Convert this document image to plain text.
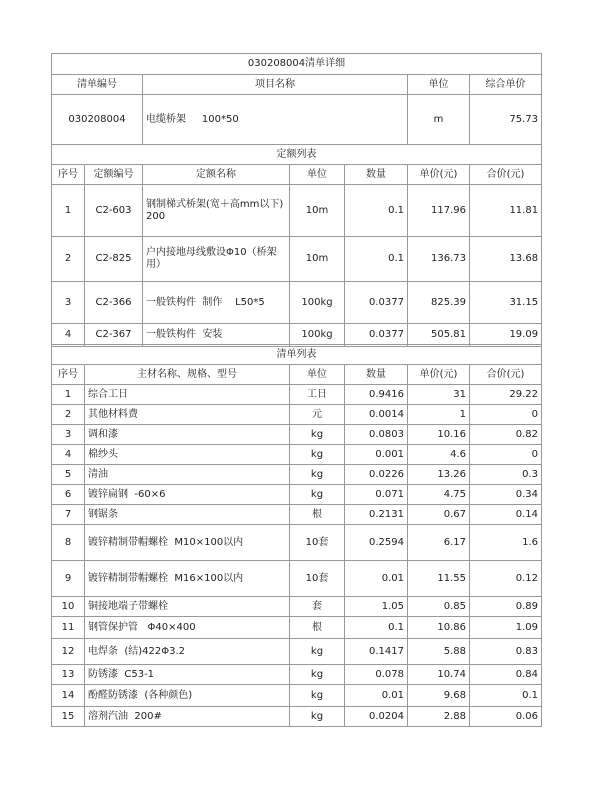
030208004清单详细			
清单编号	项目名称	单位	综合单价
030208004	电缆桥架     100*50	m	75.73
定额列表						
序号	定额编号	定额名称	单位	数量	单价(元)	合价(元)
1	C2-603	钢制梯式桥架(宽＋高mm以下) 200	10m	0.1	117.96	11.81
2	C2-825	户内接地母线敷设Φ10（桥架用）	10m	0.1	136.73	13.68
3	C2-366	一般铁构件  制作    L50*5	100kg	0.0377	825.39	31.15
4	C2-367	一般铁构件  安装	100kg	0.0377	505.81	19.09
清单列表					
序号	主材名称、规格、型号	单位	数量	单价(元)	合价(元)
1	综合工日	工日	0.9416	31	29.22
2	其他材料费	元	0.0014	1	0
3	调和漆	kg	0.0803	10.16	0.82
4	棉纱头	kg	0.001	4.6	0
5	清油	kg	0.0226	13.26	0.3
6	镀锌扁钢  -60×6	kg	0.071	4.75	0.34
7	钢锯条	根	0.2131	0.67	0.14
8	镀锌精制带帽螺栓  M10×100以内	10套	0.2594	6.17	1.6
9	镀锌精制带帽螺栓  M16×100以内	10套	0.01	11.55	0.12
10	铜接地端子带螺栓	套	1.05	0.85	0.89
11	钢管保护管   Φ40×400	根	0.1	10.86	1.09
12	电焊条  (结)422Φ3.2	kg	0.1417	5.88	0.83
13	防锈漆  C53-1	kg	0.078	10.74	0.84
14	酚醛防锈漆  (各种颜色)	kg	0.01	9.68	0.1
15	溶剂汽油  200#	kg	0.0204	2.88	0.06
